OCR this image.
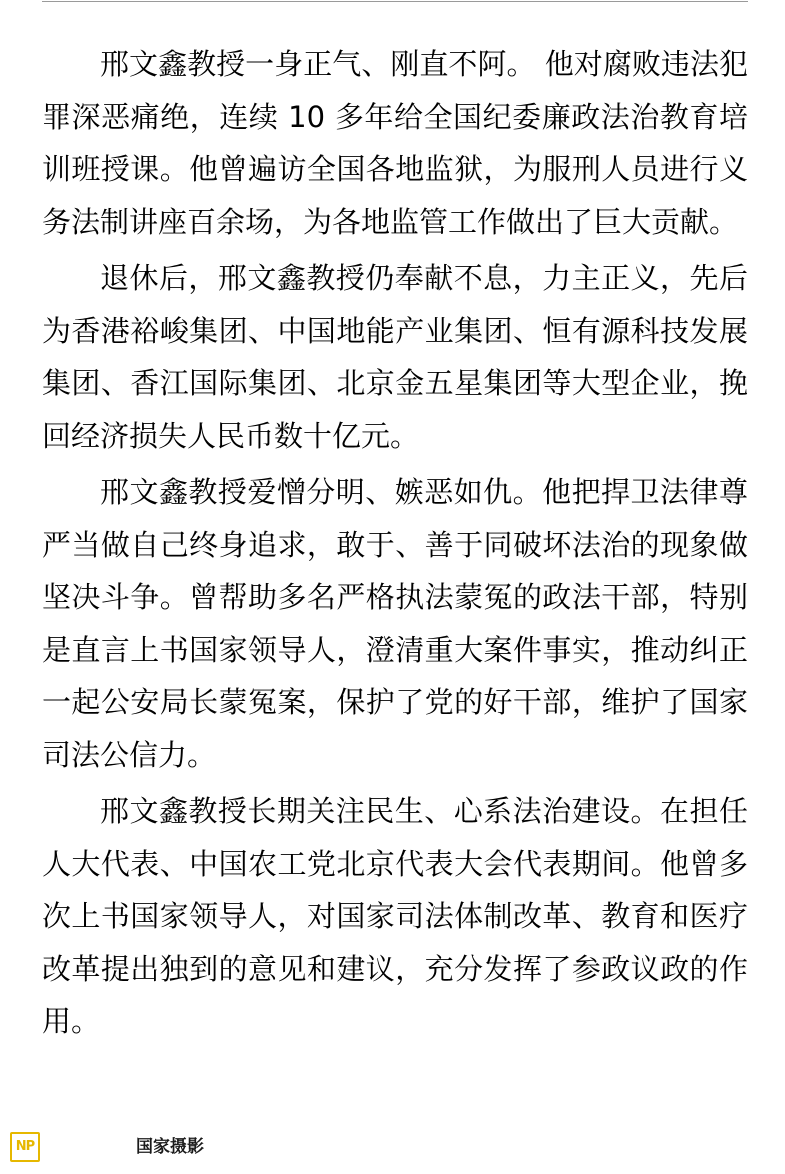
邢文鑫教授一身正气、刚直不阿。 他对腐败违法犯罪深恶痛绝，连续 10 多年给全国纪委廉政法治教育培训班授课。他曾遍访全国各地监狱，为服刑人员进行义务法制讲座百余场，为各地监管工作做出了巨大贡献。

退休后，邢文鑫教授仍奉献不息，力主正义，先后为香港裕峻集团、中国地能产业集团、恒有源科技发展集团、香江国际集团、北京金五星集团等大型企业，挽回经济损失人民币数十亿元。

邢文鑫教授爱憎分明、嫉恶如仇。他把捍卫法律尊严当做自己终身追求，敢于、善于同破坏法治的现象做坚决斗争。曾帮助多名严格执法蒙冤的政法干部，特别是直言上书国家领导人，澄清重大案件事实，推动纠正一起公安局长蒙冤案，保护了党的好干部，维护了国家司法公信力。

邢文鑫教授长期关注民生、心系法治建设。在担任人大代表、中国农工党北京代表大会代表期间。他曾多次上书国家领导人，对国家司法体制改革、教育和医疗改革提出独到的意见和建议，充分发挥了参政议政的作用。

NP	国家摄影
